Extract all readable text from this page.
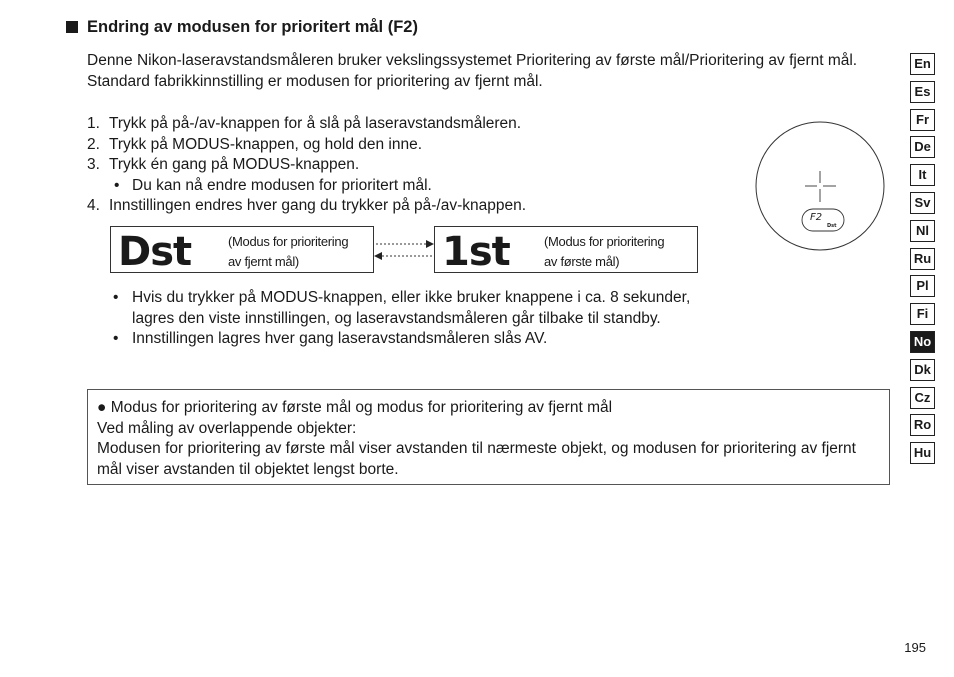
Endring av modusen for prioritert mål (F2)
Denne Nikon-laseravstandsmåleren bruker vekslingssystemet Prioritering av første mål/Prioritering av fjernt mål.
Standard fabrikkinnstilling er modusen for prioritering av fjernt mål.
1. Trykk på på-/av-knappen for å slå på laseravstandsmåleren.
2. Trykk på MODUS-knappen, og hold den inne.
3. Trykk én gang på MODUS-knappen.
• Du kan nå endre modusen for prioritert mål.
4. Innstillingen endres hver gang du trykker på på-/av-knappen.
F2
Dst
Dst	(Modus for prioritering
av fjernt mål)	1st	(Modus for prioritering
av første mål)
• Hvis du trykker på MODUS-knappen, eller ikke bruker knappene i ca. 8 sekunder, lagres den viste innstillingen, og laseravstandsmåleren går tilbake til standby.
• Innstillingen lagres hver gang laseravstandsmåleren slås AV.
● Modus for prioritering av første mål og modus for prioritering av fjernt mål
Ved måling av overlappende objekter:
Modusen for prioritering av første mål viser avstanden til nærmeste objekt, og modusen for prioritering av fjernt mål viser avstanden til objektet lengst borte.
En
Es
Fr
De
It
Sv
Nl
Ru
Pl
Fi
No
Dk
Cz
Ro
Hu
195
